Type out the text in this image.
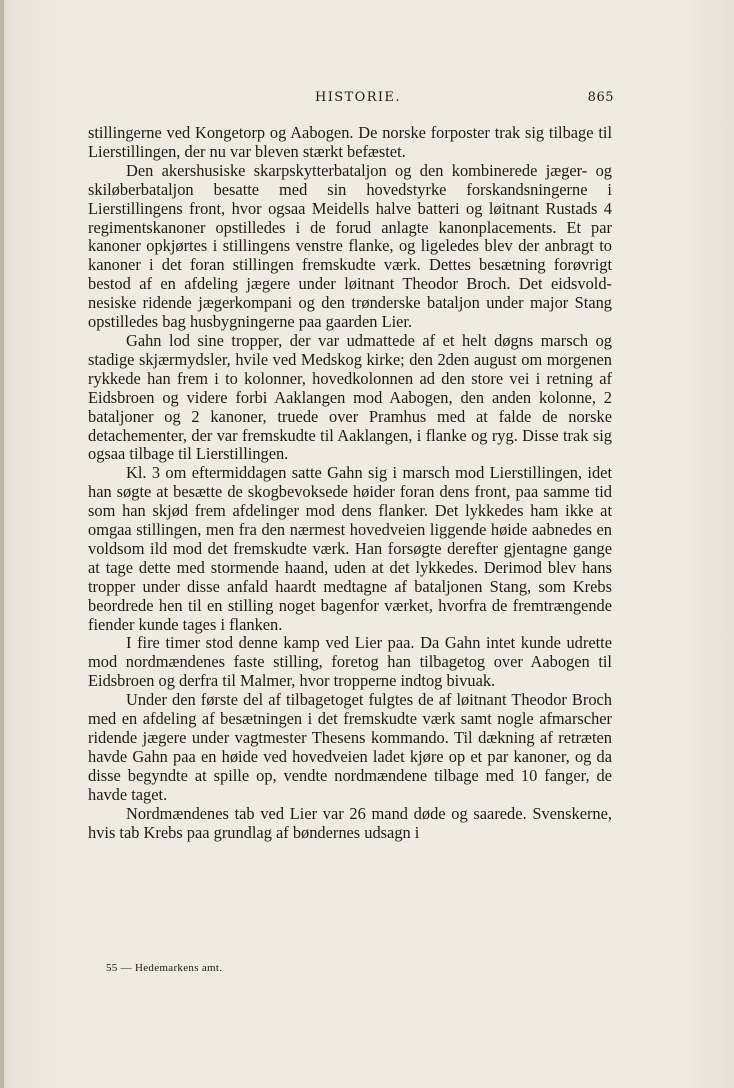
HISTORIE.	865

stillingerne ved Kongetorp og Aabogen. De norske forposter trak sig tilbage til Lierstillingen, der nu var bleven stærkt befæstet.

Den akershusiske skarpskytterbataljon og den kombinerede jæger- og skiløberbataljon besatte med sin hovedstyrke forskandsningerne i Lierstillingens front, hvor ogsaa Meidells halve batteri og løitnant Rustads 4 regimentskanoner opstilledes i de forud anlagte kanonplacements. Et par kanoner opkjørtes i stillingens venstre flanke, og ligeledes blev der anbragt to kanoner i det foran stillingen fremskudte værk. Dettes besætning forøvrigt bestod af en afdeling jægere under løitnant Theodor Broch. Det eidsvold-nesiske ridende jægerkompani og den trønderske bataljon under major Stang opstilledes bag husbygningerne paa gaarden Lier.

Gahn lod sine tropper, der var udmattede af et helt døgns marsch og stadige skjærmydsler, hvile ved Medskog kirke; den 2den august om morgenen rykkede han frem i to kolonner, hovedkolonnen ad den store vei i retning af Eidsbroen og videre forbi Aaklangen mod Aabogen, den anden kolonne, 2 bataljoner og 2 kanoner, truede over Pramhus med at falde de norske detachementer, der var fremskudte til Aaklangen, i flanke og ryg. Disse trak sig ogsaa tilbage til Lierstillingen.

Kl. 3 om eftermiddagen satte Gahn sig i marsch mod Lierstillingen, idet han søgte at besætte de skogbevoksede høider foran dens front, paa samme tid som han skjød frem afdelinger mod dens flanker. Det lykkedes ham ikke at omgaa stillingen, men fra den nærmest hovedveien liggende høide aabnedes en voldsom ild mod det fremskudte værk. Han forsøgte derefter gjentagne gange at tage dette med stormende haand, uden at det lykkedes. Derimod blev hans tropper under disse anfald haardt medtagne af bataljonen Stang, som Krebs beordrede hen til en stilling noget bagenfor værket, hvorfra de fremtrængende fiender kunde tages i flanken.

I fire timer stod denne kamp ved Lier paa. Da Gahn intet kunde udrette mod nordmændenes faste stilling, foretog han tilbagetog over Aabogen til Eidsbroen og derfra til Malmer, hvor tropperne indtog bivuak.

Under den første del af tilbagetoget fulgtes de af løitnant Theodor Broch med en afdeling af besætningen i det fremskudte værk samt nogle afmarscher ridende jægere under vagtmester Thesens kommando. Til dækning af retræten havde Gahn paa en høide ved hovedveien ladet kjøre op et par kanoner, og da disse begyndte at spille op, vendte nordmændene tilbage med 10 fanger, de havde taget.

Nordmændenes tab ved Lier var 26 mand døde og saarede. Svenskerne, hvis tab Krebs paa grundlag af bøndernes udsagn i

55 — Hedemarkens amt.
